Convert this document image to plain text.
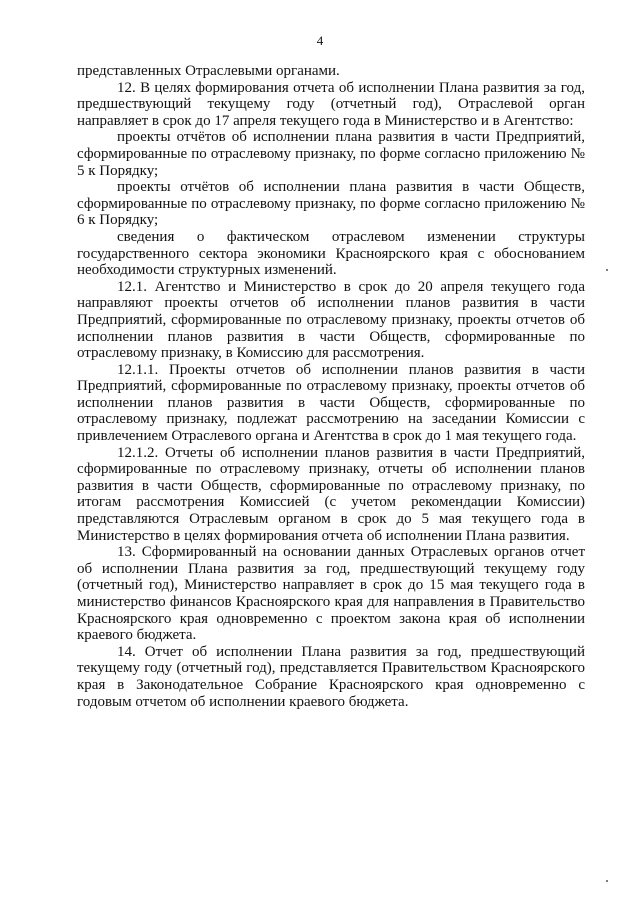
4

представленных Отраслевыми органами.

12. В целях формирования отчета об исполнении Плана развития за год, предшествующий текущему году (отчетный год), Отраслевой орган направляет в срок до 17 апреля текущего года в Министерство и в Агентство:

проекты отчётов об исполнении плана развития в части Предприятий, сформированные по отраслевому признаку, по форме согласно приложению № 5 к Порядку;

проекты отчётов об исполнении плана развития в части Обществ, сформированные по отраслевому признаку, по форме согласно приложению № 6 к Порядку;

сведения о фактическом отраслевом изменении структуры государственного сектора экономики Красноярского края с обоснованием необходимости структурных изменений.

12.1. Агентство и Министерство в срок до 20 апреля текущего года направляют проекты отчетов об исполнении планов развития в части Предприятий, сформированные по отраслевому признаку, проекты отчетов об исполнении планов развития в части Обществ, сформированные по отраслевому признаку, в Комиссию для рассмотрения.

12.1.1. Проекты отчетов об исполнении планов развития в части Предприятий, сформированные по отраслевому признаку, проекты отчетов об исполнении планов развития в части Обществ, сформированные по отраслевому признаку, подлежат рассмотрению на заседании Комиссии с привлечением Отраслевого органа и Агентства в срок до 1 мая текущего года.

12.1.2. Отчеты об исполнении планов развития в части Предприятий, сформированные по отраслевому признаку, отчеты об исполнении планов развития в части Обществ, сформированные по отраслевому признаку, по итогам рассмотрения Комиссией (с учетом рекомендации Комиссии) представляются Отраслевым органом в срок до 5 мая текущего года в Министерство в целях формирования отчета об исполнении Плана развития.

13. Сформированный на основании данных Отраслевых органов отчет об исполнении Плана развития за год, предшествующий текущему году (отчетный год), Министерство направляет в срок до 15 мая текущего года в министерство финансов Красноярского края для направления в Правительство Красноярского края одновременно с проектом закона края об исполнении краевого бюджета.

14. Отчет об исполнении Плана развития за год, предшествующий текущему году (отчетный год), представляется Правительством Красноярского края в Законодательное Собрание Красноярского края одновременно с годовым отчетом об исполнении краевого бюджета.
